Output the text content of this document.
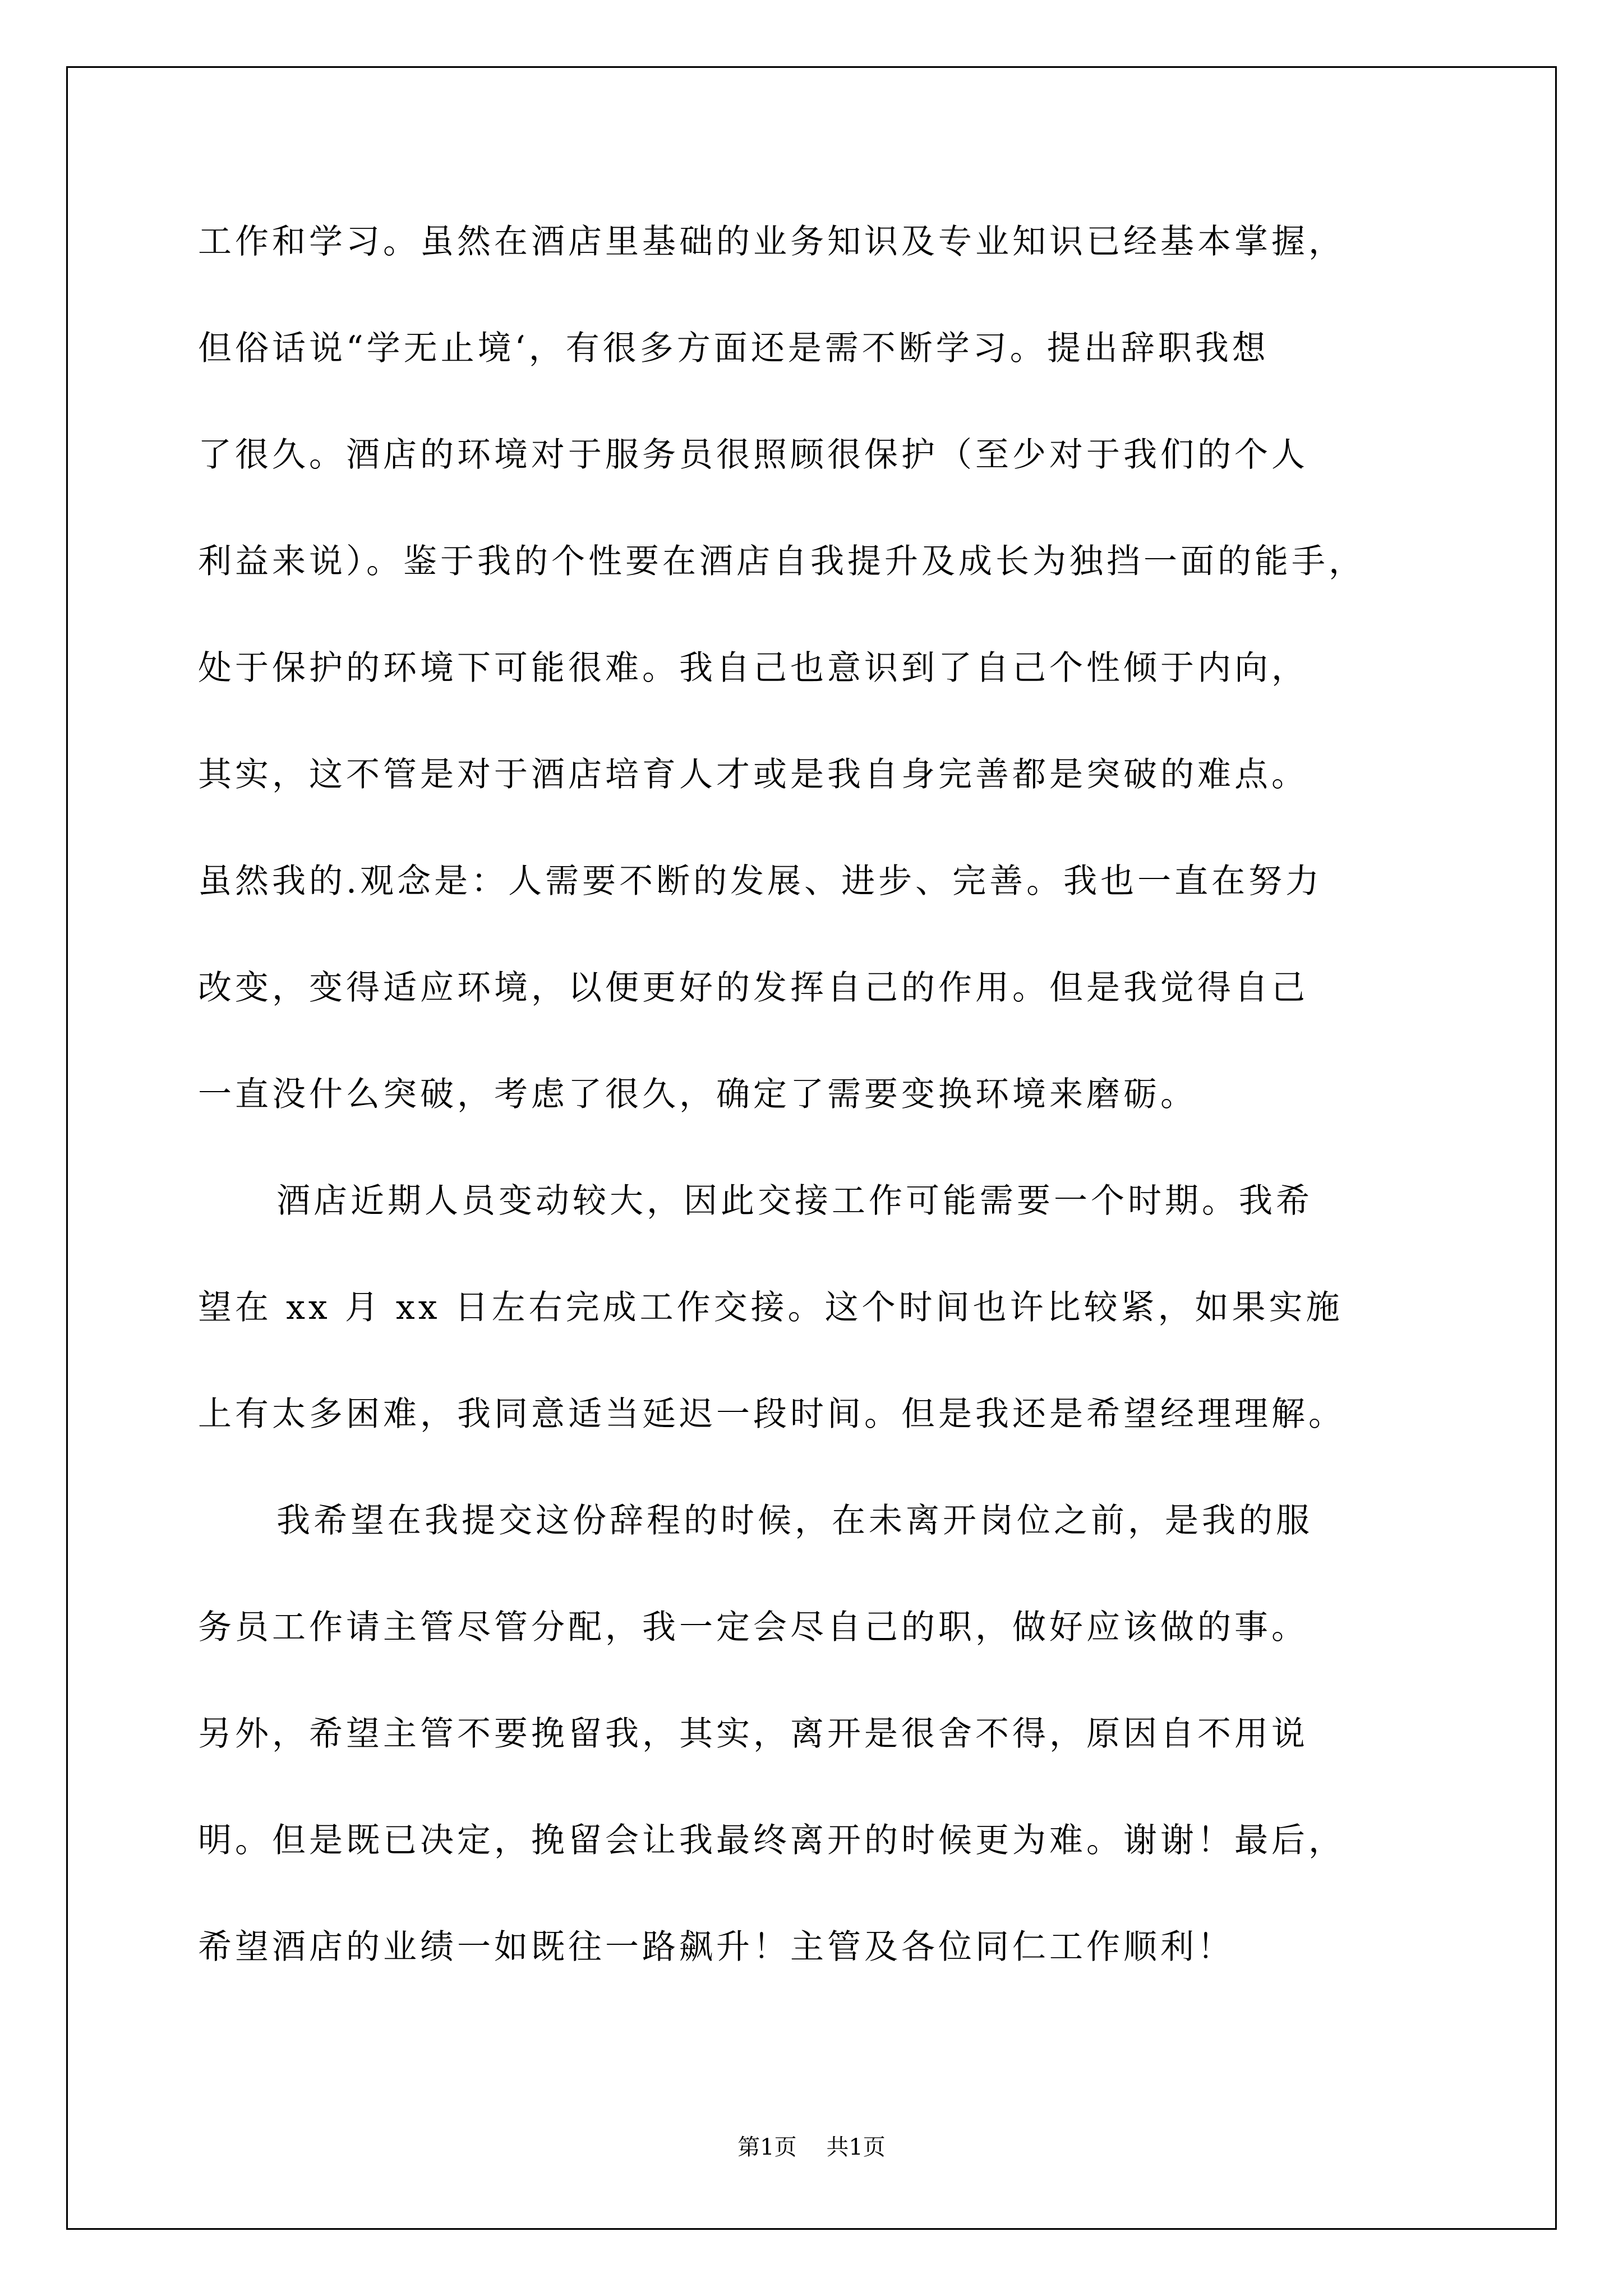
工作和学习。虽然在酒店里基础的业务知识及专业知识已经基本掌握，
但俗话说“学无止境‘，有很多方面还是需不断学习。提出辞职我想
了很久。酒店的环境对于服务员很照顾很保护（至少对于我们的个人
利益来说）。鉴于我的个性要在酒店自我提升及成长为独挡一面的能手，
处于保护的环境下可能很难。我自己也意识到了自己个性倾于内向，
其实，这不管是对于酒店培育人才或是我自身完善都是突破的难点。
虽然我的.观念是：人需要不断的发展、进步、完善。我也一直在努力
改变，变得适应环境，以便更好的发挥自己的作用。但是我觉得自己
一直没什么突破，考虑了很久，确定了需要变换环境来磨砺。
酒店近期人员变动较大，因此交接工作可能需要一个时期。我希
望在 xx 月 xx 日左右完成工作交接。这个时间也许比较紧，如果实施
上有太多困难，我同意适当延迟一段时间。但是我还是希望经理理解。
我希望在我提交这份辞程的时候，在未离开岗位之前，是我的服
务员工作请主管尽管分配，我一定会尽自己的职，做好应该做的事。
另外，希望主管不要挽留我，其实，离开是很舍不得，原因自不用说
明。但是既已决定，挽留会让我最终离开的时候更为难。谢谢！最后，
希望酒店的业绩一如既往一路飙升！主管及各位同仁工作顺利！
第1页 共1页
